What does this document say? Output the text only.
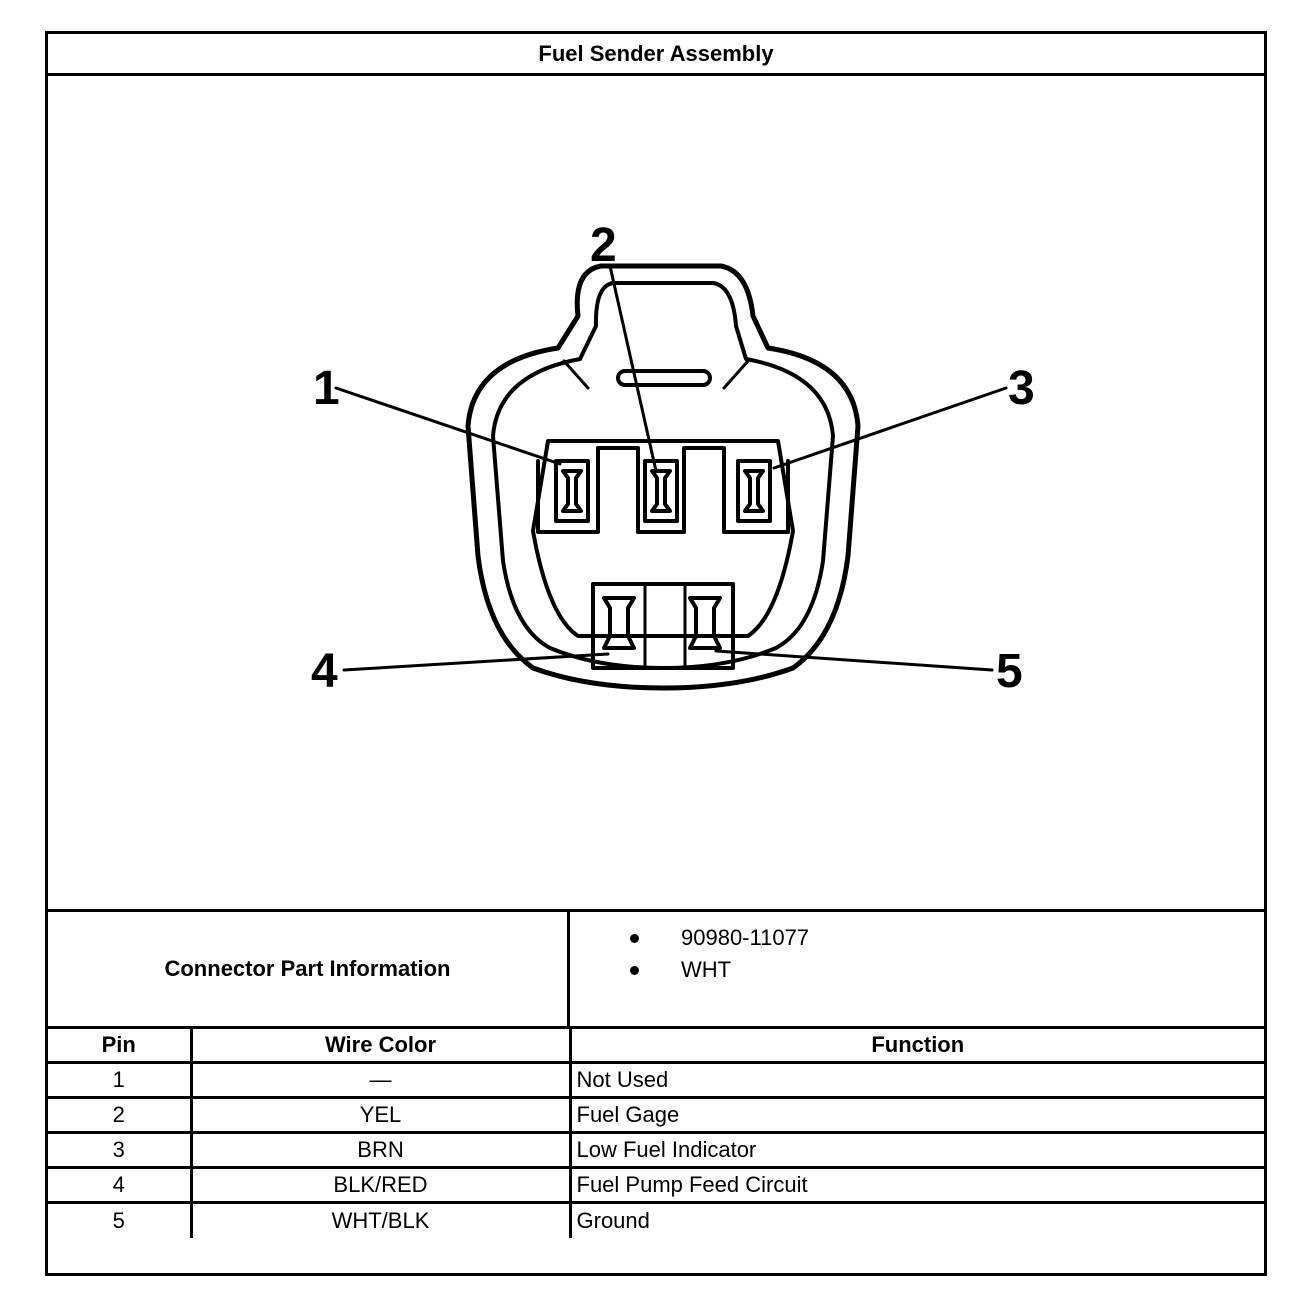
Fuel Sender Assembly
1
2
3
4	5
Connector Part Information
90980-11077
WHT
Pin	Wire Color	Function
1	—	Not Used
2	YEL	Fuel Gage
3	BRN	Low Fuel Indicator
4	BLK/RED	Fuel Pump Feed Circuit
5	WHT/BLK	Ground
